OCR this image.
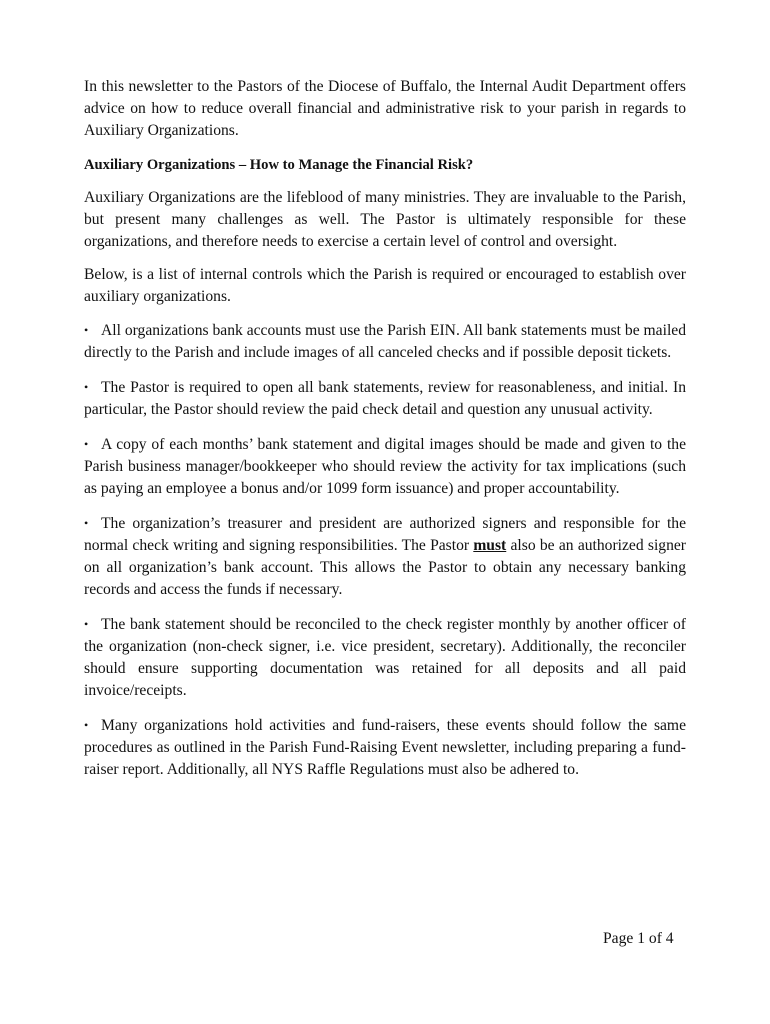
In this newsletter to the Pastors of the Diocese of Buffalo, the Internal Audit Department offers advice on how to reduce overall financial and administrative risk to your parish in regards to Auxiliary Organizations.

Auxiliary Organizations – How to Manage the Financial Risk?

Auxiliary Organizations are the lifeblood of many ministries. They are invaluable to the Parish, but present many challenges as well. The Pastor is ultimately responsible for these organizations, and therefore needs to exercise a certain level of control and oversight.

Below, is a list of internal controls which the Parish is required or encouraged to establish over auxiliary organizations.

• All organizations bank accounts must use the Parish EIN. All bank statements must be mailed directly to the Parish and include images of all canceled checks and if possible deposit tickets.

• The Pastor is required to open all bank statements, review for reasonableness, and initial. In particular, the Pastor should review the paid check detail and question any unusual activity.

• A copy of each months’ bank statement and digital images should be made and given to the Parish business manager/bookkeeper who should review the activity for tax implications (such as paying an employee a bonus and/or 1099 form issuance) and proper accountability.

• The organization’s treasurer and president are authorized signers and responsible for the normal check writing and signing responsibilities. The Pastor must also be an authorized signer on all organization’s bank account. This allows the Pastor to obtain any necessary banking records and access the funds if necessary.

• The bank statement should be reconciled to the check register monthly by another officer of the organization (non-check signer, i.e. vice president, secretary). Additionally, the reconciler should ensure supporting documentation was retained for all deposits and all paid invoice/receipts.

• Many organizations hold activities and fund-raisers, these events should follow the same procedures as outlined in the Parish Fund-Raising Event newsletter, including preparing a fund-raiser report. Additionally, all NYS Raffle Regulations must also be adhered to.

Page 1 of 4
